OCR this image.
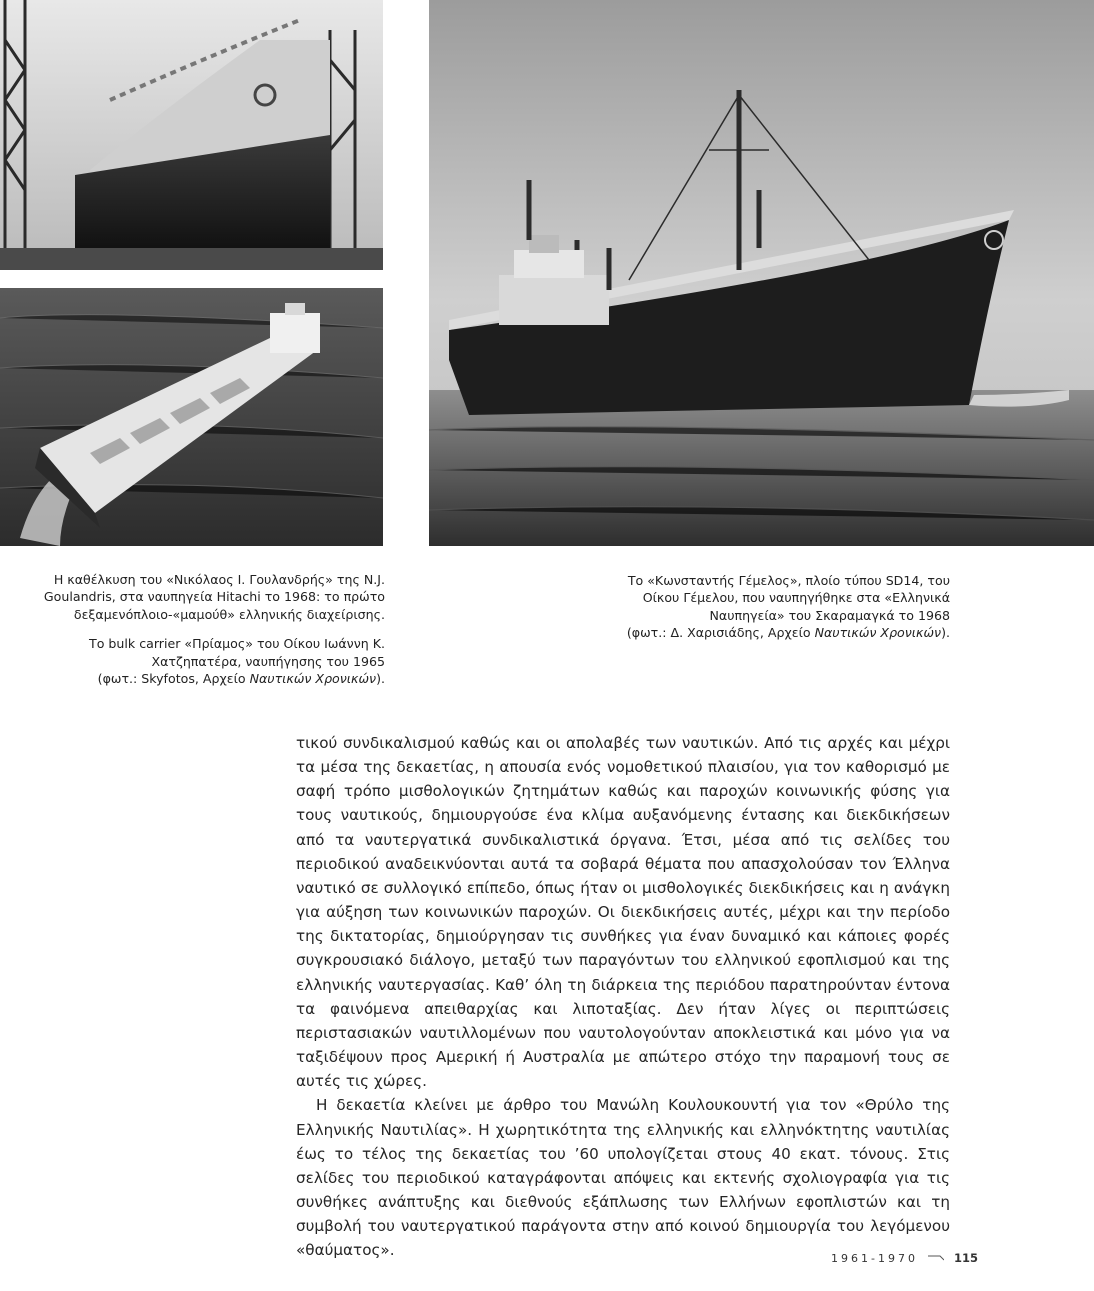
Η καθέλκυση του «Νικόλαος Ι. Γουλανδρής» της N.J.
Goulandris, στα ναυπηγεία Hitachi το 1968: το πρώτο
δεξαμενόπλοιο-«μαμούθ» ελληνικής διαχείρισης.

Το bulk carrier «Πρίαμος» του Οίκου Ιωάννη Κ.
Χατζηπατέρα, ναυπήγησης του 1965
(φωτ.: Skyfotos, Αρχείο Ναυτικών Χρονικών).

Το «Κωνσταντής Γέμελος», πλοίο τύπου SD14, του
Οίκου Γέμελου, που ναυπηγήθηκε στα «Ελληνικά
Ναυπηγεία» του Σκαραμαγκά το 1968
(φωτ.: Δ. Χαρισιάδης, Αρχείο Ναυτικών Χρονικών).

τικού συνδικαλισμού καθώς και οι απολαβές των ναυτικών. Από τις αρχές και μέχρι τα μέσα της δεκαετίας, η απουσία ενός νομοθετικού πλαισίου, για τον καθορισμό με σαφή τρόπο μισθολογικών ζητημάτων καθώς και παροχών κοινωνικής φύσης για τους ναυτικούς, δημιουργούσε ένα κλίμα αυξανόμενης έντασης και διεκδικήσεων από τα ναυτεργατικά συνδικαλιστικά όργανα. Έτσι, μέσα από τις σελίδες του περιοδικού αναδεικνύονται αυτά τα σοβαρά θέματα που απασχολούσαν τον Έλληνα ναυτικό σε συλλογικό επίπεδο, όπως ήταν οι μισθολογικές διεκδικήσεις και η ανάγκη για αύξηση των κοινωνικών παροχών. Οι διεκδικήσεις αυτές, μέχρι και την περίοδο της δικτατορίας, δημιούργησαν τις συνθήκες για έναν δυναμικό και κάποιες φορές συγκρουσιακό διάλογο, μεταξύ των παραγόντων του ελληνικού εφοπλισμού και της ελληνικής ναυτεργασίας. Καθ’ όλη τη διάρκεια της περιόδου παρατηρούνταν έντονα τα φαινόμενα απειθαρχίας και λιποταξίας. Δεν ήταν λίγες οι περιπτώσεις περιστασιακών ναυτιλλομένων που ναυτολογούνταν αποκλειστικά και μόνο για να ταξιδέψουν προς Αμερική ή Αυστραλία με απώτερο στόχο την παραμονή τους σε αυτές τις χώρες.

Η δεκαετία κλείνει με άρθρο του Μανώλη Κουλουκουντή για τον «Θρύλο της Ελληνικής Ναυτιλίας». Η χωρητικότητα της ελληνικής και ελληνόκτητης ναυτιλίας έως το τέλος της δεκαετίας του ’60 υπολογίζεται στους 40 εκατ. τόνους. Στις σελίδες του περιοδικού καταγράφονται απόψεις και εκτενής σχολιογραφία για τις συνθήκες ανάπτυξης και διεθνούς εξάπλωσης των Ελλήνων εφοπλιστών και τη συμβολή του ναυτεργατικού παράγοντα στην από κοινού δημιουργία του λεγόμενου «θαύματος».	1961-1970	115
